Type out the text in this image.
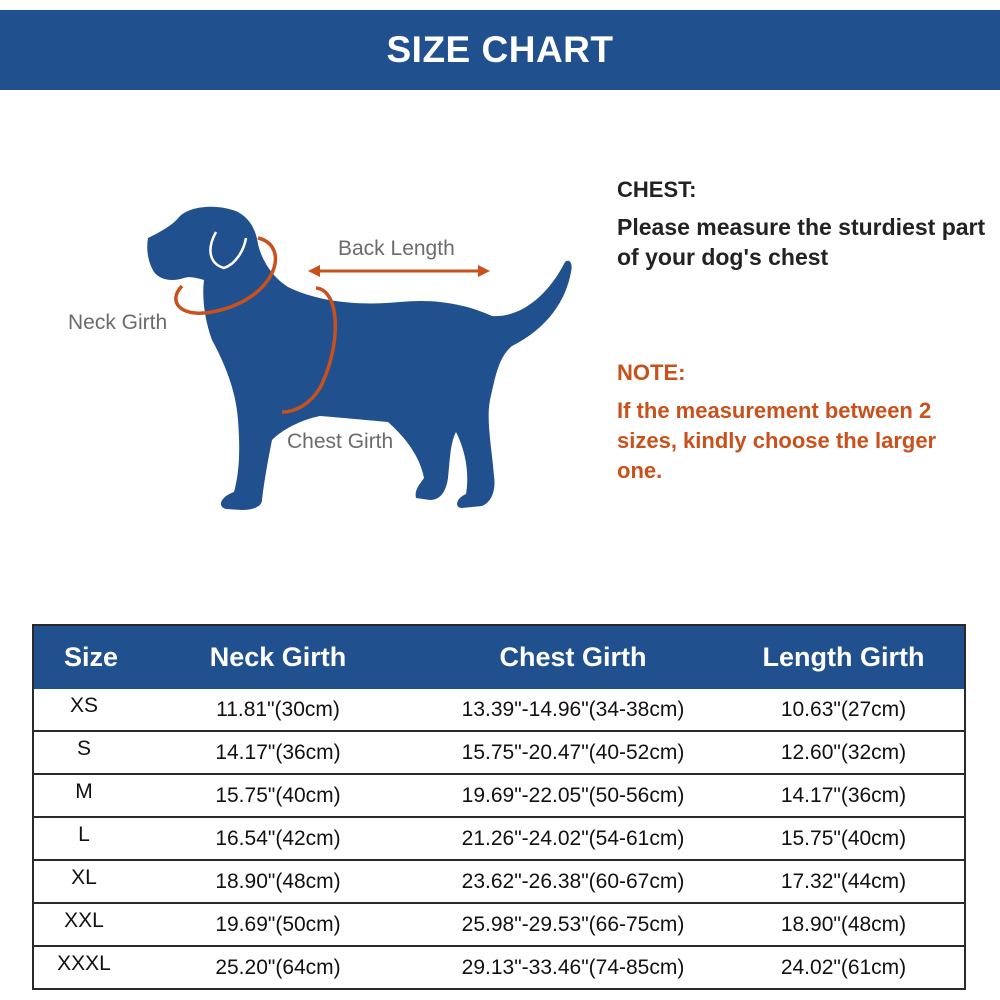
SIZE CHART
Neck Girth
Back Length
Chest Girth
CHEST:
Please measure the sturdiest part of your dog's chest
NOTE:
If the measurement between 2 sizes, kindly choose the larger one.
Size	Neck Girth	Chest Girth	Length Girth
XS	11.81"(30cm)	13.39"-14.96"(34-38cm)	10.63"(27cm)
S	14.17"(36cm)	15.75"-20.47"(40-52cm)	12.60"(32cm)
M	15.75"(40cm)	19.69"-22.05"(50-56cm)	14.17"(36cm)
L	16.54"(42cm)	21.26"-24.02"(54-61cm)	15.75"(40cm)
XL	18.90"(48cm)	23.62"-26.38"(60-67cm)	17.32"(44cm)
XXL	19.69"(50cm)	25.98"-29.53"(66-75cm)	18.90"(48cm)
XXXL	25.20"(64cm)	29.13"-33.46"(74-85cm)	24.02"(61cm)
